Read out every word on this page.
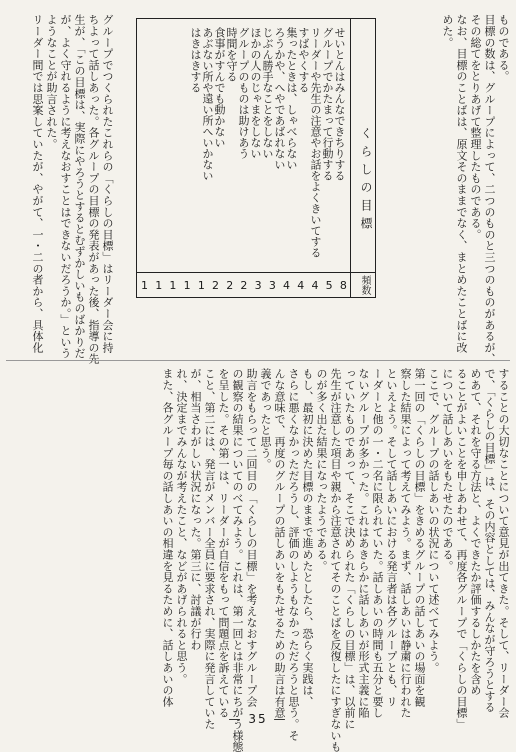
ものである。
目標の数は、グループによって、二つのものと三つのものがあるが、
その総てをとりあげて整理したものである。
なお、目標のことばは、原文そのままでなく、まとめたことばに改
めた。
くらしの目標
頻数
せいとんはみんなできちりする
グループでかたまって行動する
リーダーや先生の注意やお話をよくきいてする
すばやくする
集ったときは、しゃべらない
ろうかや、へやであばれない
じぶん勝手なことをしない
ほかの人のじゃまをしない
グループのものは助けあう
時間を守る
食事がすんでも動かない
あぶない所や遠い所へいかない
はきはきする
8
5
4
4
4
3
3
2
2
2
1
1
1
1
1
グループでつくられたこれらの「くらしの目標」はリーダー会に持
ちよって話しあった。各グループの目標の発表があった後、指導の先
生が、「この目標は、実際にやろうとするとむずかしいものばかりだ
が、よく守れるように考えなおすことはできないだろうか。」という
ようなことが助言された。
リーダー間では思案していたが、やがて、一・二の者から、具体化
することの大切なことについて意見が出てきた。そして、リーダー会
で、「くらしの目標」は、その内容としては、みんなが守ろうとする
めあて、それを守る方法と、よくできたか評価するしかたを含め
ることがよいことを申しあわせて、再度各グループで「くらしの目標」
について話しあいをもたせたのである。
ここで、グループの話しあいの状況について述べてみよう。
第一回の「くらしの目標」をきめるグループの話しあいの場面を観
察した結果によって考えてみよう。まず、話しあいは静粛に行われた
といえよう。そして話しあいにおける発言者は各グループとも、リ
ーダーと他の一・二名に限られていた。話しあいの時間も五分と要し
ないグループが多かった。これはあきらかに話しあいが形式主義に陥
っていたものであって、そこで決められた「くらしの目標」は、以前に
先生が注意した項目や親から注意されてそのことばを反復したにすぎないも
のが多く出た結果になったようである。
もし、最初に決めた目標のままで進めたとしたら、恐らく実践は、
さらに悪くなかっただろうし、評価のしようもなかっただろうと思う。そ
んな意味で、再度のグループの話しあいをもたせるための助言は有意
義であったと思う。
助言をもらって二回目の「くらしの目標」を考えなおすグループ会
の観察の結果についてのべてみよう。これは、第一回とは非常にちがう様態
を呈した。その第一は、リーダーが自信をもって問題点を訴えている
こと、第二には、発言がメンバー全員に要求され、実際に発言していた
が、相当さわがしい状況になった。第三に、討議が行わ
れ、決定までみんなが考えたこと、などがあげられると思う。
また、各グループ毎の話しあいの相違を見るために、話しあいの体
— 35 —
